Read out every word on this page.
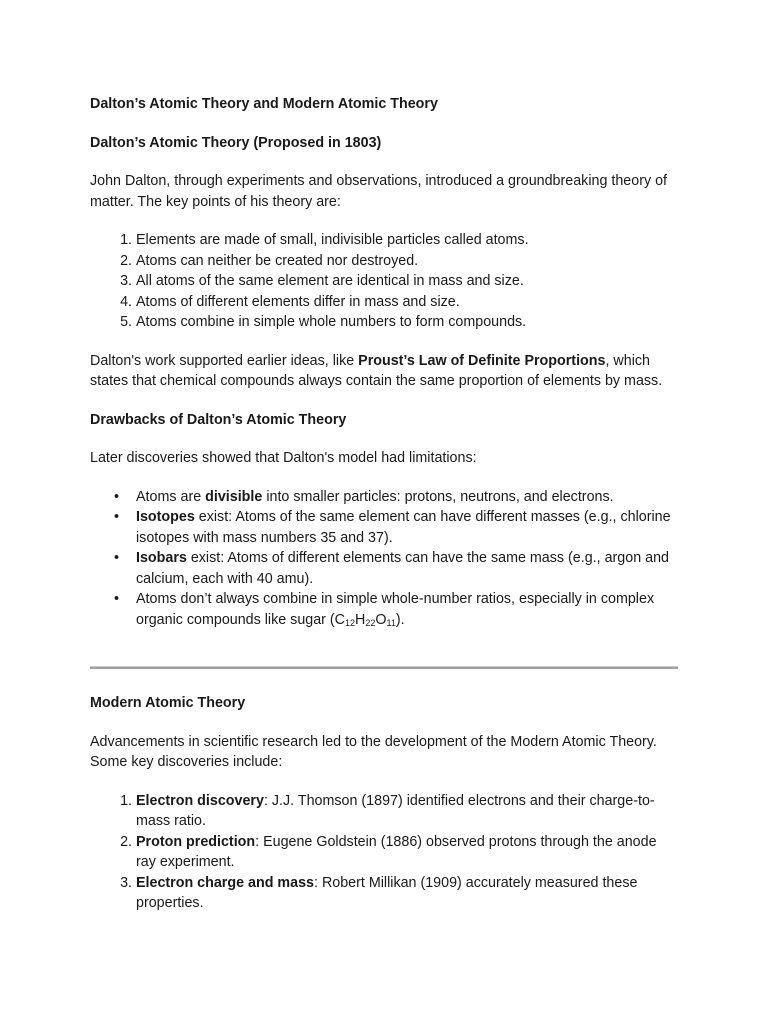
Dalton’s Atomic Theory and Modern Atomic Theory

Dalton’s Atomic Theory (Proposed in 1803)

John Dalton, through experiments and observations, introduced a groundbreaking theory of matter. The key points of his theory are:

1. Elements are made of small, indivisible particles called atoms.
2. Atoms can neither be created nor destroyed.
3. All atoms of the same element are identical in mass and size.
4. Atoms of different elements differ in mass and size.
5. Atoms combine in simple whole numbers to form compounds.

Dalton's work supported earlier ideas, like Proust’s Law of Definite Proportions, which states that chemical compounds always contain the same proportion of elements by mass.

Drawbacks of Dalton’s Atomic Theory

Later discoveries showed that Dalton's model had limitations:

• Atoms are divisible into smaller particles: protons, neutrons, and electrons.
• Isotopes exist: Atoms of the same element can have different masses (e.g., chlorine isotopes with mass numbers 35 and 37).
• Isobars exist: Atoms of different elements can have the same mass (e.g., argon and calcium, each with 40 amu).
• Atoms don’t always combine in simple whole-number ratios, especially in complex organic compounds like sugar $(C_{12}H_{22}O_{11})$.

Modern Atomic Theory

Advancements in scientific research led to the development of the Modern Atomic Theory. Some key discoveries include:

1. Electron discovery: J.J. Thomson (1897) identified electrons and their charge-to-mass ratio.
2. Proton prediction: Eugene Goldstein (1886) observed protons through the anode ray experiment.
3. Electron charge and mass: Robert Millikan (1909) accurately measured these properties.
